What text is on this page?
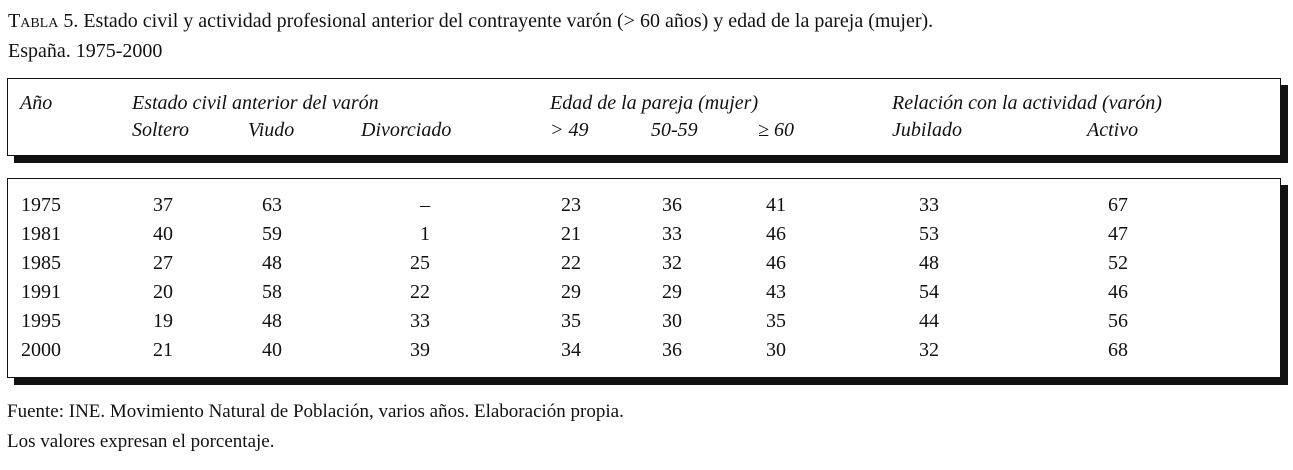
Tabla 5. Estado civil y actividad profesional anterior del contrayente varón (> 60 años) y edad de la pareja (mujer).
España. 1975-2000
Año	Estado civil anterior del varón	Edad de la pareja (mujer)	Relación con la actividad (varón)
Soltero	Viudo	Divorciado	> 49	50-59	≥ 60	Jubilado	Activo
1975	37	63	–	23	36	41	33	67
1981	40	59	1	21	33	46	53	47
1985	27	48	25	22	32	46	48	52
1991	20	58	22	29	29	43	54	46
1995	19	48	33	35	30	35	44	56
2000	21	40	39	34	36	30	32	68
Fuente: INE. Movimiento Natural de Población, varios años. Elaboración propia.
Los valores expresan el porcentaje.
